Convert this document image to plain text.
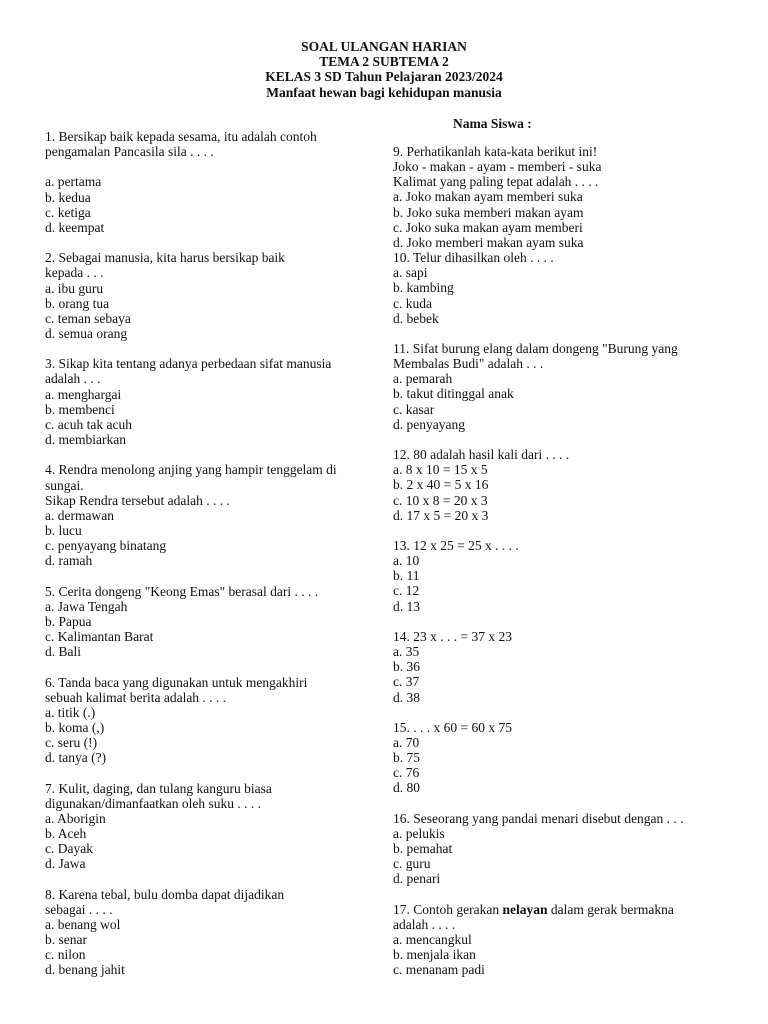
SOAL ULANGAN HARIAN
TEMA 2 SUBTEMA 2
KELAS 3 SD Tahun Pelajaran 2023/2024
Manfaat hewan bagi kehidupan manusia
Nama Siswa :
1. Bersikap baik kepada sesama, itu adalah contoh
pengamalan Pancasila sila . . . .
a. pertama
b. kedua
c. ketiga
d. keempat
2. Sebagai manusia, kita harus bersikap baik
kepada . . .
a. ibu guru
b. orang tua
c. teman sebaya
d. semua orang
3. Sikap kita tentang adanya perbedaan sifat manusia
adalah . . .
a. menghargai
b. membenci
c. acuh tak acuh
d. membiarkan
4. Rendra menolong anjing yang hampir tenggelam di
sungai.
Sikap Rendra tersebut adalah . . . .
a. dermawan
b. lucu
c. penyayang binatang
d. ramah
5. Cerita dongeng "Keong Emas" berasal dari . . . .
a. Jawa Tengah
b. Papua
c. Kalimantan Barat
d. Bali
6. Tanda baca yang digunakan untuk mengakhiri
sebuah kalimat berita adalah . . . .
a. titik (.)
b. koma (,)
c. seru (!)
d. tanya (?)
7. Kulit, daging, dan tulang kanguru biasa
digunakan/dimanfaatkan oleh suku . . . .
a. Aborigin
b. Aceh
c. Dayak
d. Jawa
8. Karena tebal, bulu domba dapat dijadikan
sebagai . . . .
a. benang wol
b. senar
c. nilon
d. benang jahit
9. Perhatikanlah kata-kata berikut ini!
Joko - makan - ayam - memberi - suka
Kalimat yang paling tepat adalah . . . .
a. Joko makan ayam memberi suka
b. Joko suka memberi makan ayam
c. Joko suka makan ayam memberi
d. Joko memberi makan ayam suka
10. Telur dihasilkan oleh . . . .
a. sapi
b. kambing
c. kuda
d. bebek
11. Sifat burung elang dalam dongeng "Burung yang
Membalas Budi" adalah . . .
a. pemarah
b. takut ditinggal anak
c. kasar
d. penyayang
12. 80 adalah hasil kali dari . . . .
a. 8 x 10 = 15 x 5
b. 2 x 40 = 5 x 16
c. 10 x 8 = 20 x 3
d. 17 x 5 = 20 x 3
13. 12 x 25 = 25 x . . . .
a. 10
b. 11
c. 12
d. 13
14. 23 x . . . = 37 x 23
a. 35
b. 36
c. 37
d. 38
15. . . . x 60 = 60 x 75
a. 70
b. 75
c. 76
d. 80
16. Seseorang yang pandai menari disebut dengan . . .
a. pelukis
b. pemahat
c. guru
d. penari
17. Contoh gerakan nelayan dalam gerak bermakna
adalah . . . .
a. mencangkul
b. menjala ikan
c. menanam padi
